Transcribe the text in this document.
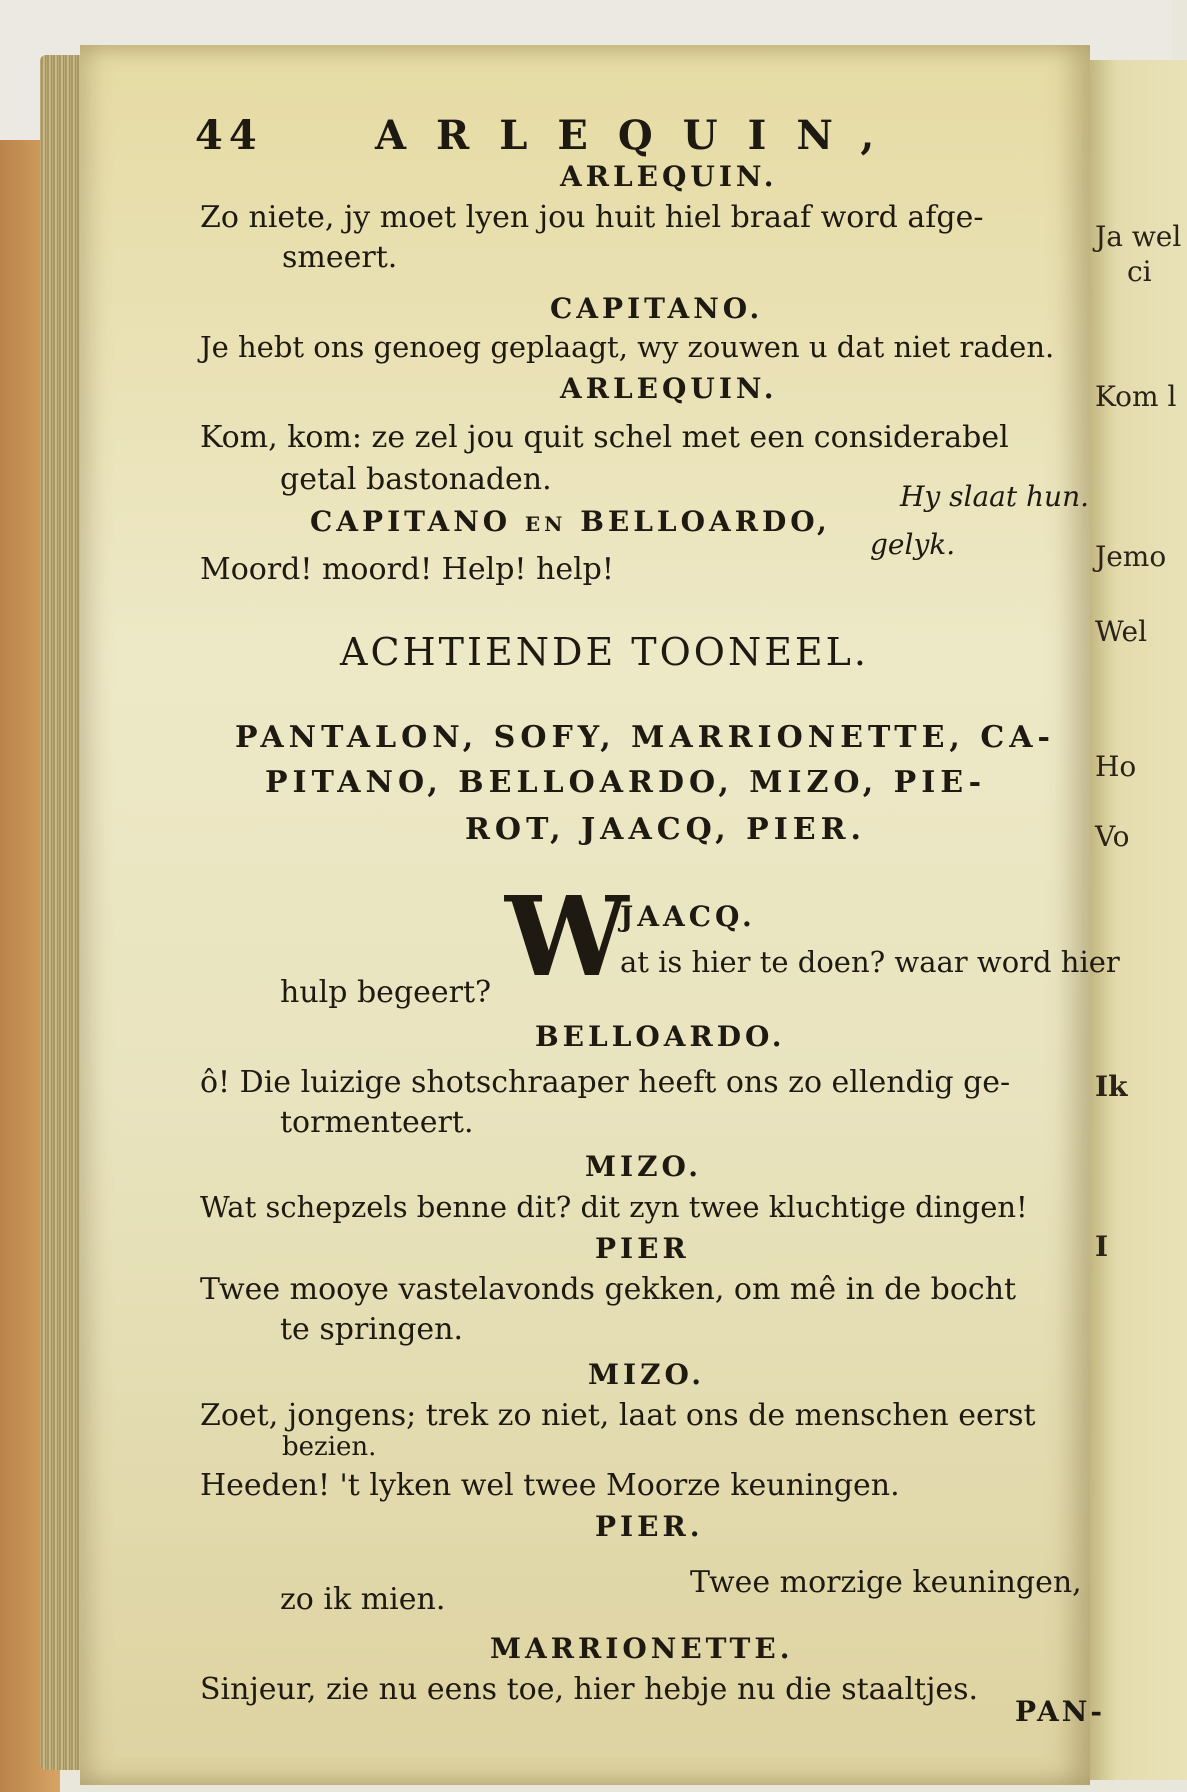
Ja wel
ci
Kom l
Jemo
Wel
Ho
Vo
Ik
I
44	ARLEQUIN,
ARLEQUIN.
Zo niete, jy moet lyen jou huit hiel braaf word afge-
smeert.
CAPITANO.
Je hebt ons genoeg geplaagt, wy zouwen u dat niet raden.
ARLEQUIN.
Kom, kom: ze zel jou quit schel met een considerabel
getal bastonaden.	Hy slaat hun.
CAPITANO en BELLOARDO,
gelyk.
Moord! moord! Help! help!
ACHTIENDE TOONEEL.
PANTALON, SOFY, MARRIONETTE, CA-
PITANO, BELLOARDO, MIZO, PIE-
ROT, JAACQ, PIER.
W
JAACQ.
at is hier te doen? waar word hier
hulp begeert?
BELLOARDO.
ô! Die luizige shotschraaper heeft ons zo ellendig ge-
tormenteert.
MIZO.
Wat schepzels benne dit? dit zyn twee kluchtige dingen!
PIER
Twee mooye vastelavonds gekken, om mê in de bocht
te springen.
MIZO.
Zoet, jongens; trek zo niet, laat ons de menschen eerst
bezien.
Heeden! 't lyken wel twee Moorze keuningen.
PIER.
Twee morzige keuningen,
zo ik mien.
MARRIONETTE.
Sinjeur, zie nu eens toe, hier hebje nu die staaltjes.
PAN-
